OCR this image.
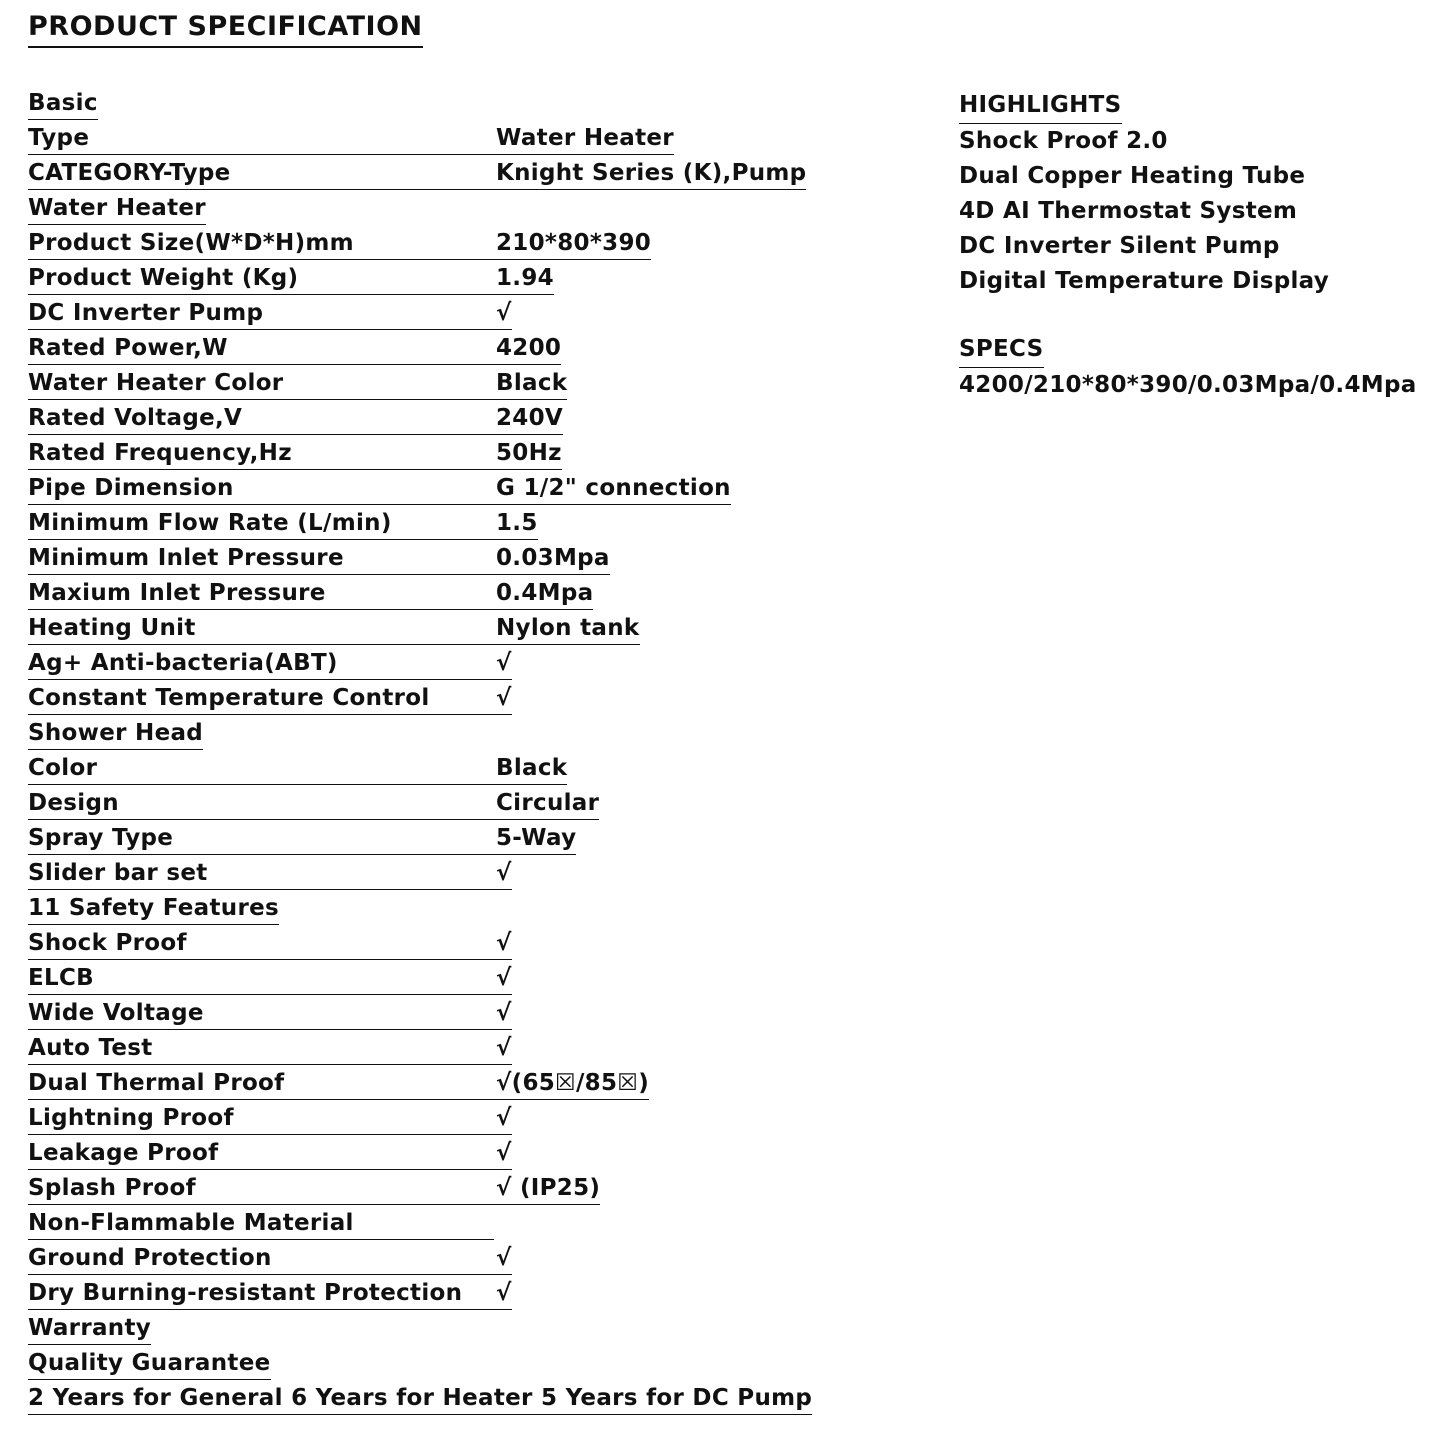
PRODUCT SPECIFICATION
Basic
Type	Water Heater
CATEGORY-Type	Knight Series (K),Pump
Water Heater
Product Size(W*D*H)mm	210*80*390
Product Weight (Kg)	1.94
DC Inverter Pump	√
Rated Power,W	4200
Water Heater Color	Black
Rated Voltage,V	240V
Rated Frequency,Hz	50Hz
Pipe Dimension	G 1/2" connection
Minimum Flow Rate (L/min)	1.5
Minimum Inlet Pressure	0.03Mpa
Maxium Inlet Pressure	0.4Mpa
Heating Unit	Nylon tank
Ag+ Anti-bacteria(ABT)	√
Constant Temperature Control	√
Shower Head
Color	Black
Design	Circular
Spray Type	5-Way
Slider bar set	√
11 Safety Features
Shock Proof	√
ELCB	√
Wide Voltage	√
Auto Test	√
Dual Thermal Proof	√(65☒/85☒)
Lightning Proof	√
Leakage Proof	√
Splash Proof	√ (IP25)
Non-Flammable Material
Ground Protection	√
Dry Burning-resistant Protection	√
Warranty
Quality Guarantee
2 Years for General 6 Years for Heater 5 Years for DC Pump
HIGHLIGHTS
Shock Proof 2.0
Dual Copper Heating Tube
4D AI Thermostat System
DC Inverter Silent Pump
Digital Temperature Display
SPECS
4200/210*80*390/0.03Mpa/0.4Mpa
